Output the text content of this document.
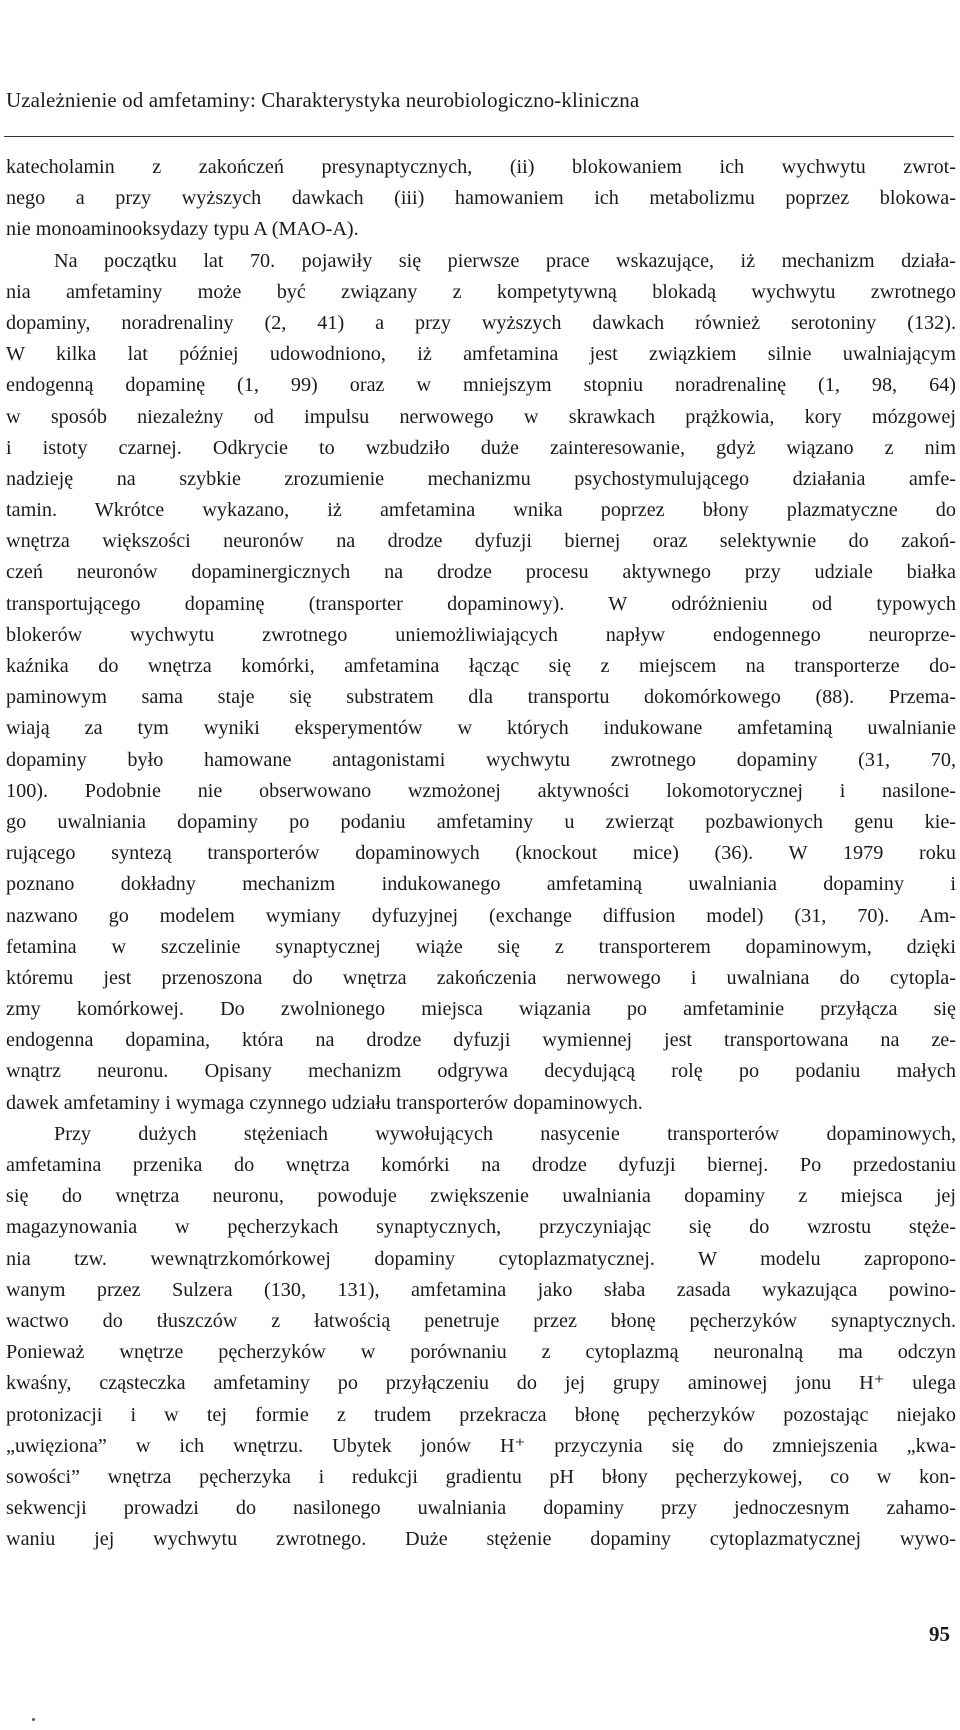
Uzależnienie od amfetaminy: Charakterystyka neurobiologiczno-kliniczna
katecholamin z zakończeń presynaptycznych, (ii) blokowaniem ich wychwytu zwrot-
nego a przy wyższych dawkach (iii) hamowaniem ich metabolizmu poprzez blokowa-
nie monoaminooksydazy typu A (MAO-A).
Na początku lat 70. pojawiły się pierwsze prace wskazujące, iż mechanizm działa-
nia amfetaminy może być związany z kompetytywną blokadą wychwytu zwrotnego
dopaminy, noradrenaliny (2, 41) a przy wyższych dawkach również serotoniny (132).
W kilka lat później udowodniono, iż amfetamina jest związkiem silnie uwalniającym
endogenną dopaminę (1, 99) oraz w mniejszym stopniu noradrenalinę (1, 98, 64)
w sposób niezależny od impulsu nerwowego w skrawkach prążkowia, kory mózgowej
i istoty czarnej. Odkrycie to wzbudziło duże zainteresowanie, gdyż wiązano z nim
nadzieję na szybkie zrozumienie mechanizmu psychostymulującego działania amfe-
tamin. Wkrótce wykazano, iż amfetamina wnika poprzez błony plazmatyczne do
wnętrza większości neuronów na drodze dyfuzji biernej oraz selektywnie do zakoń-
czeń neuronów dopaminergicznych na drodze procesu aktywnego przy udziale białka
transportującego dopaminę (transporter dopaminowy). W odróżnieniu od typowych
blokerów wychwytu zwrotnego uniemożliwiających napływ endogennego neuroprze-
kaźnika do wnętrza komórki, amfetamina łącząc się z miejscem na transporterze do-
paminowym sama staje się substratem dla transportu dokomórkowego (88). Przema-
wiają za tym wyniki eksperymentów w których indukowane amfetaminą uwalnianie
dopaminy było hamowane antagonistami wychwytu zwrotnego dopaminy (31, 70,
100). Podobnie nie obserwowano wzmożonej aktywności lokomotorycznej i nasilone-
go uwalniania dopaminy po podaniu amfetaminy u zwierząt pozbawionych genu kie-
rującego syntezą transporterów dopaminowych (knockout mice) (36). W 1979 roku
poznano dokładny mechanizm indukowanego amfetaminą uwalniania dopaminy i
nazwano go modelem wymiany dyfuzyjnej (exchange diffusion model) (31, 70). Am-
fetamina w szczelinie synaptycznej wiąże się z transporterem dopaminowym, dzięki
któremu jest przenoszona do wnętrza zakończenia nerwowego i uwalniana do cytopla-
zmy komórkowej. Do zwolnionego miejsca wiązania po amfetaminie przyłącza się
endogenna dopamina, która na drodze dyfuzji wymiennej jest transportowana na ze-
wnątrz neuronu. Opisany mechanizm odgrywa decydującą rolę po podaniu małych
dawek amfetaminy i wymaga czynnego udziału transporterów dopaminowych.
Przy dużych stężeniach wywołujących nasycenie transporterów dopaminowych,
amfetamina przenika do wnętrza komórki na drodze dyfuzji biernej. Po przedostaniu
się do wnętrza neuronu, powoduje zwiększenie uwalniania dopaminy z miejsca jej
magazynowania w pęcherzykach synaptycznych, przyczyniając się do wzrostu stęże-
nia tzw. wewnątrzkomórkowej dopaminy cytoplazmatycznej. W modelu zapropono-
wanym przez Sulzera (130, 131), amfetamina jako słaba zasada wykazująca powino-
wactwo do tłuszczów z łatwością penetruje przez błonę pęcherzyków synaptycznych.
Ponieważ wnętrze pęcherzyków w porównaniu z cytoplazmą neuronalną ma odczyn
kwaśny, cząsteczka amfetaminy po przyłączeniu do jej grupy aminowej jonu H⁺ ulega
protonizacji i w tej formie z trudem przekracza błonę pęcherzyków pozostając niejako
„uwięziona” w ich wnętrzu. Ubytek jonów H⁺ przyczynia się do zmniejszenia „kwa-
sowości” wnętrza pęcherzyka i redukcji gradientu pH błony pęcherzykowej, co w kon-
sekwencji prowadzi do nasilonego uwalniania dopaminy przy jednoczesnym zahamo-
waniu jej wychwytu zwrotnego. Duże stężenie dopaminy cytoplazmatycznej wywo-
95
